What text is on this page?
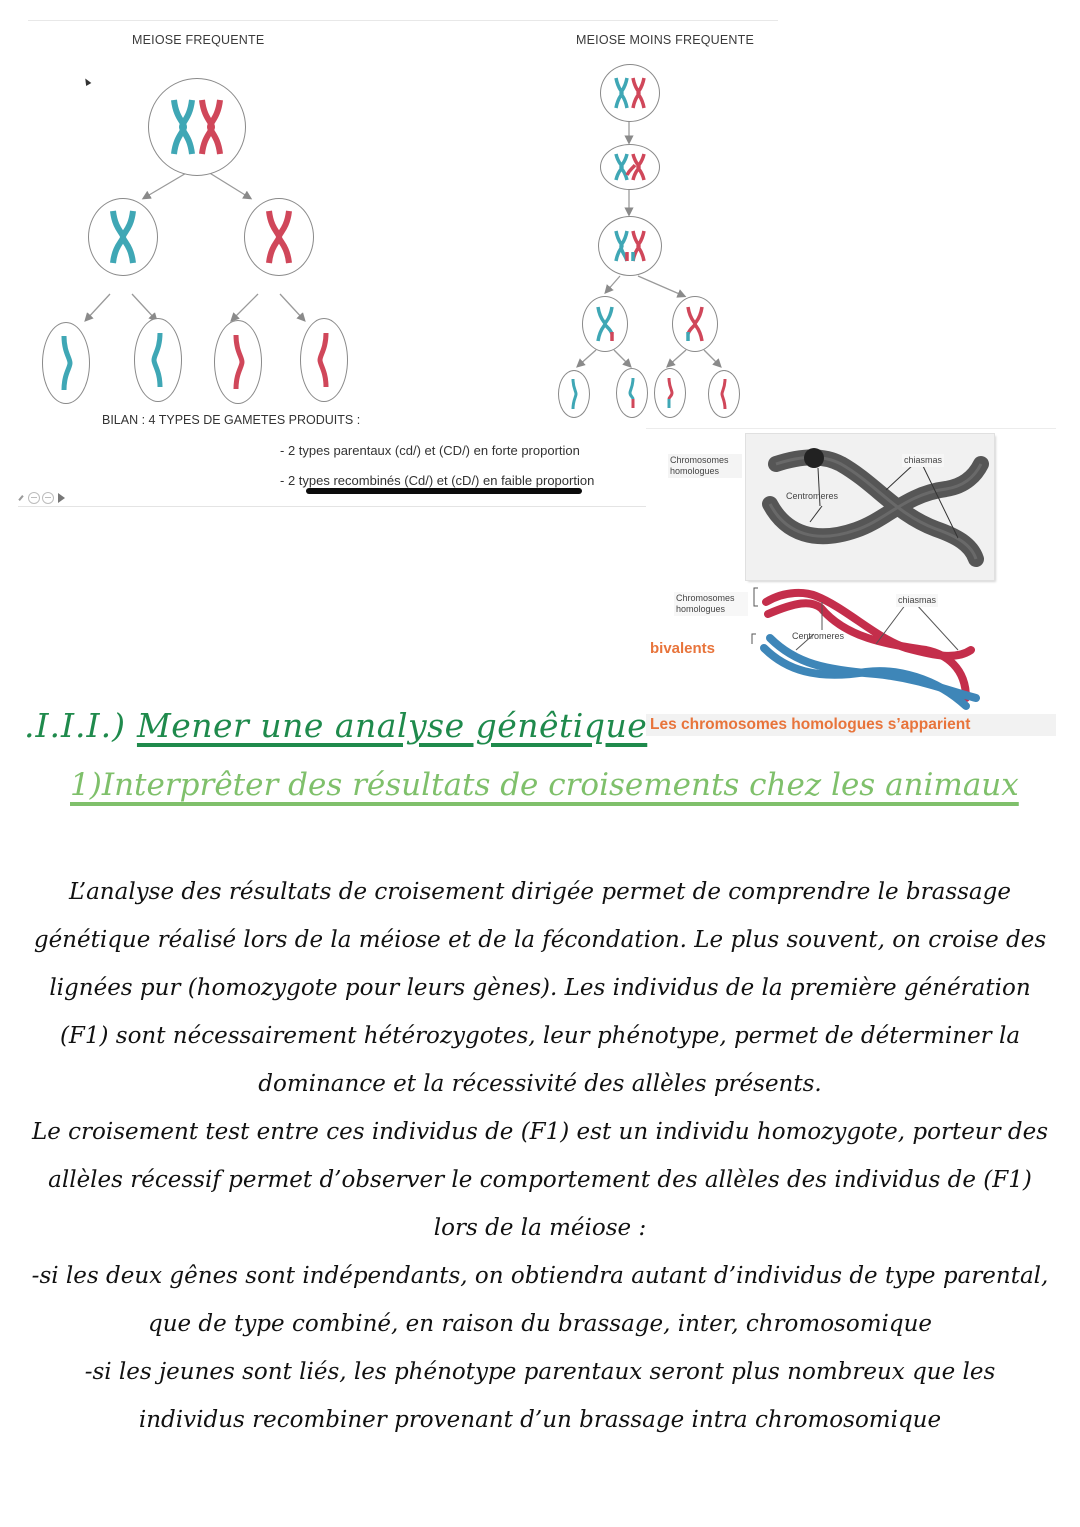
MEIOSE FREQUENTE	MEIOSE MOINS FREQUENTE
BILAN : 4 TYPES DE GAMETES PRODUITS :
- 2 types parentaux (cd/) et (CD/) en forte proportion
- 2 types recombinés (Cd/) et (cD/) en faible proportion
Centromeres
chiasmas
Chromosomes homologues
Chromosomes homologues
chiasmas
Centromeres
bivalents
Les chromosomes homologues s’apparient
.I.I.I.) Mener une analyse génêtique
1)Interprêter des résultats de croisements chez les animaux

L’analyse des résultats de croisement dirigée permet de comprendre le brassage génétique réalisé lors de la méiose et de la fécondation. Le plus souvent, on croise des lignées pur (homozygote pour leurs gènes). Les individus de la première génération (F1) sont nécessairement hétérozygotes, leur phénotype, permet de déterminer la dominance et la récessivité des allèles présents.

Le croisement test entre ces individus de (F1) est un individu homozygote, porteur des allèles récessif permet d’observer le comportement des allèles des individus de (F1) lors de la méiose :

-si les deux gênes sont indépendants, on obtiendra autant d’individus de type parental, que de type combiné, en raison du brassage, inter, chromosomique

-si les jeunes sont liés, les phénotype parentaux seront plus nombreux que les individus recombiner provenant d’un brassage intra chromosomique
